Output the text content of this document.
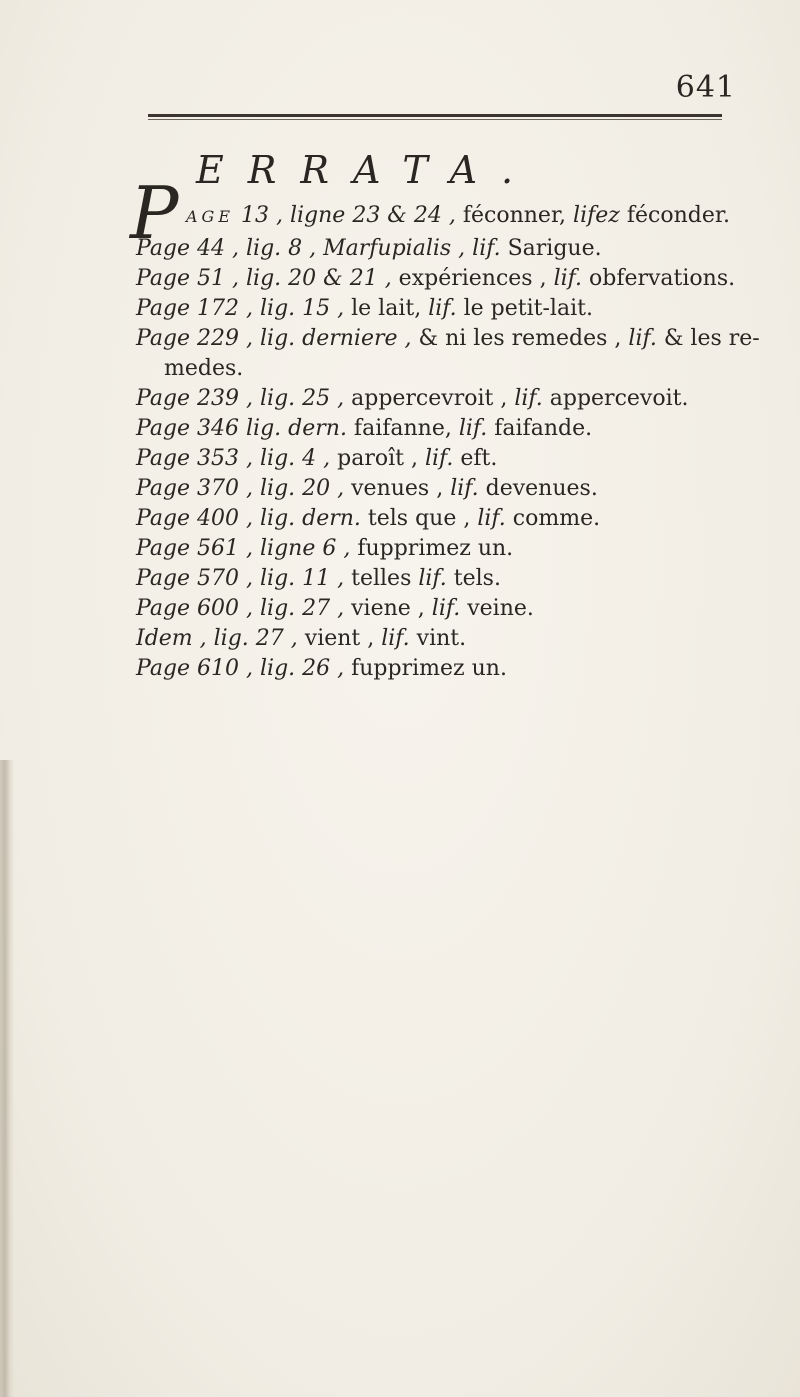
641
ERRATA.
P AGE 13 , ligne 23 & 24 , féconner, lifez féconder.
Page 44 , lig. 8 , Marfupialis , lif. Sarigue.
Page 51 , lig. 20 & 21 , expériences , lif. obfervations.
Page 172 , lig. 15 , le lait, lif. le petit-lait.
Page 229 , lig. derniere , & ni les remedes , lif. & les re-
medes.
Page 239 , lig. 25 , appercevroit , lif. appercevoit.
Page 346 lig. dern. faifanne, lif. faifande.
Page 353 , lig. 4 , paroît , lif. eft.
Page 370 , lig. 20 , venues , lif. devenues.
Page 400 , lig. dern. tels que , lif. comme.
Page 561 , ligne 6 , fupprimez un.
Page 570 , lig. 11 , telles lif. tels.
Page 600 , lig. 27 , viene , lif. veine.
Idem , lig. 27 , vient , lif. vint.
Page 610 , lig. 26 , fupprimez un.
